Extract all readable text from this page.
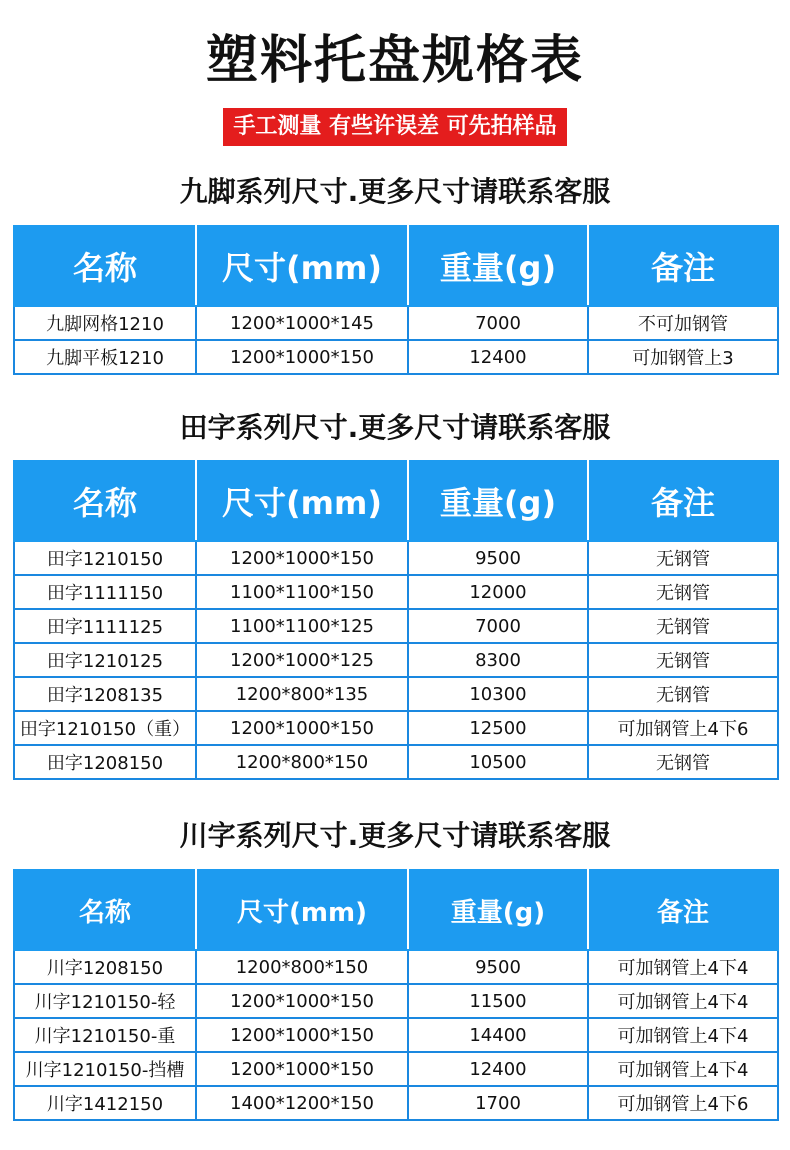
塑料托盘规格表
手工测量 有些许误差 可先拍样品
九脚系列尺寸.更多尺寸请联系客服
名称	尺寸(mm)	重量(g)	备注
九脚网格1210	1200*1000*145	7000	不可加钢管
九脚平板1210	1200*1000*150	12400	可加钢管上3
田字系列尺寸.更多尺寸请联系客服
名称	尺寸(mm)	重量(g)	备注
田字1210150	1200*1000*150	9500	无钢管
田字1111150	1100*1100*150	12000	无钢管
田字1111125	1100*1100*125	7000	无钢管
田字1210125	1200*1000*125	8300	无钢管
田字1208135	1200*800*135	10300	无钢管
田字1210150（重）	1200*1000*150	12500	可加钢管上4下6
田字1208150	1200*800*150	10500	无钢管
川字系列尺寸.更多尺寸请联系客服
名称	尺寸(mm)	重量(g)	备注
川字1208150	1200*800*150	9500	可加钢管上4下4
川字1210150-轻	1200*1000*150	11500	可加钢管上4下4
川字1210150-重	1200*1000*150	14400	可加钢管上4下4
川字1210150-挡槽	1200*1000*150	12400	可加钢管上4下4
川字1412150	1400*1200*150	1700	可加钢管上4下6
